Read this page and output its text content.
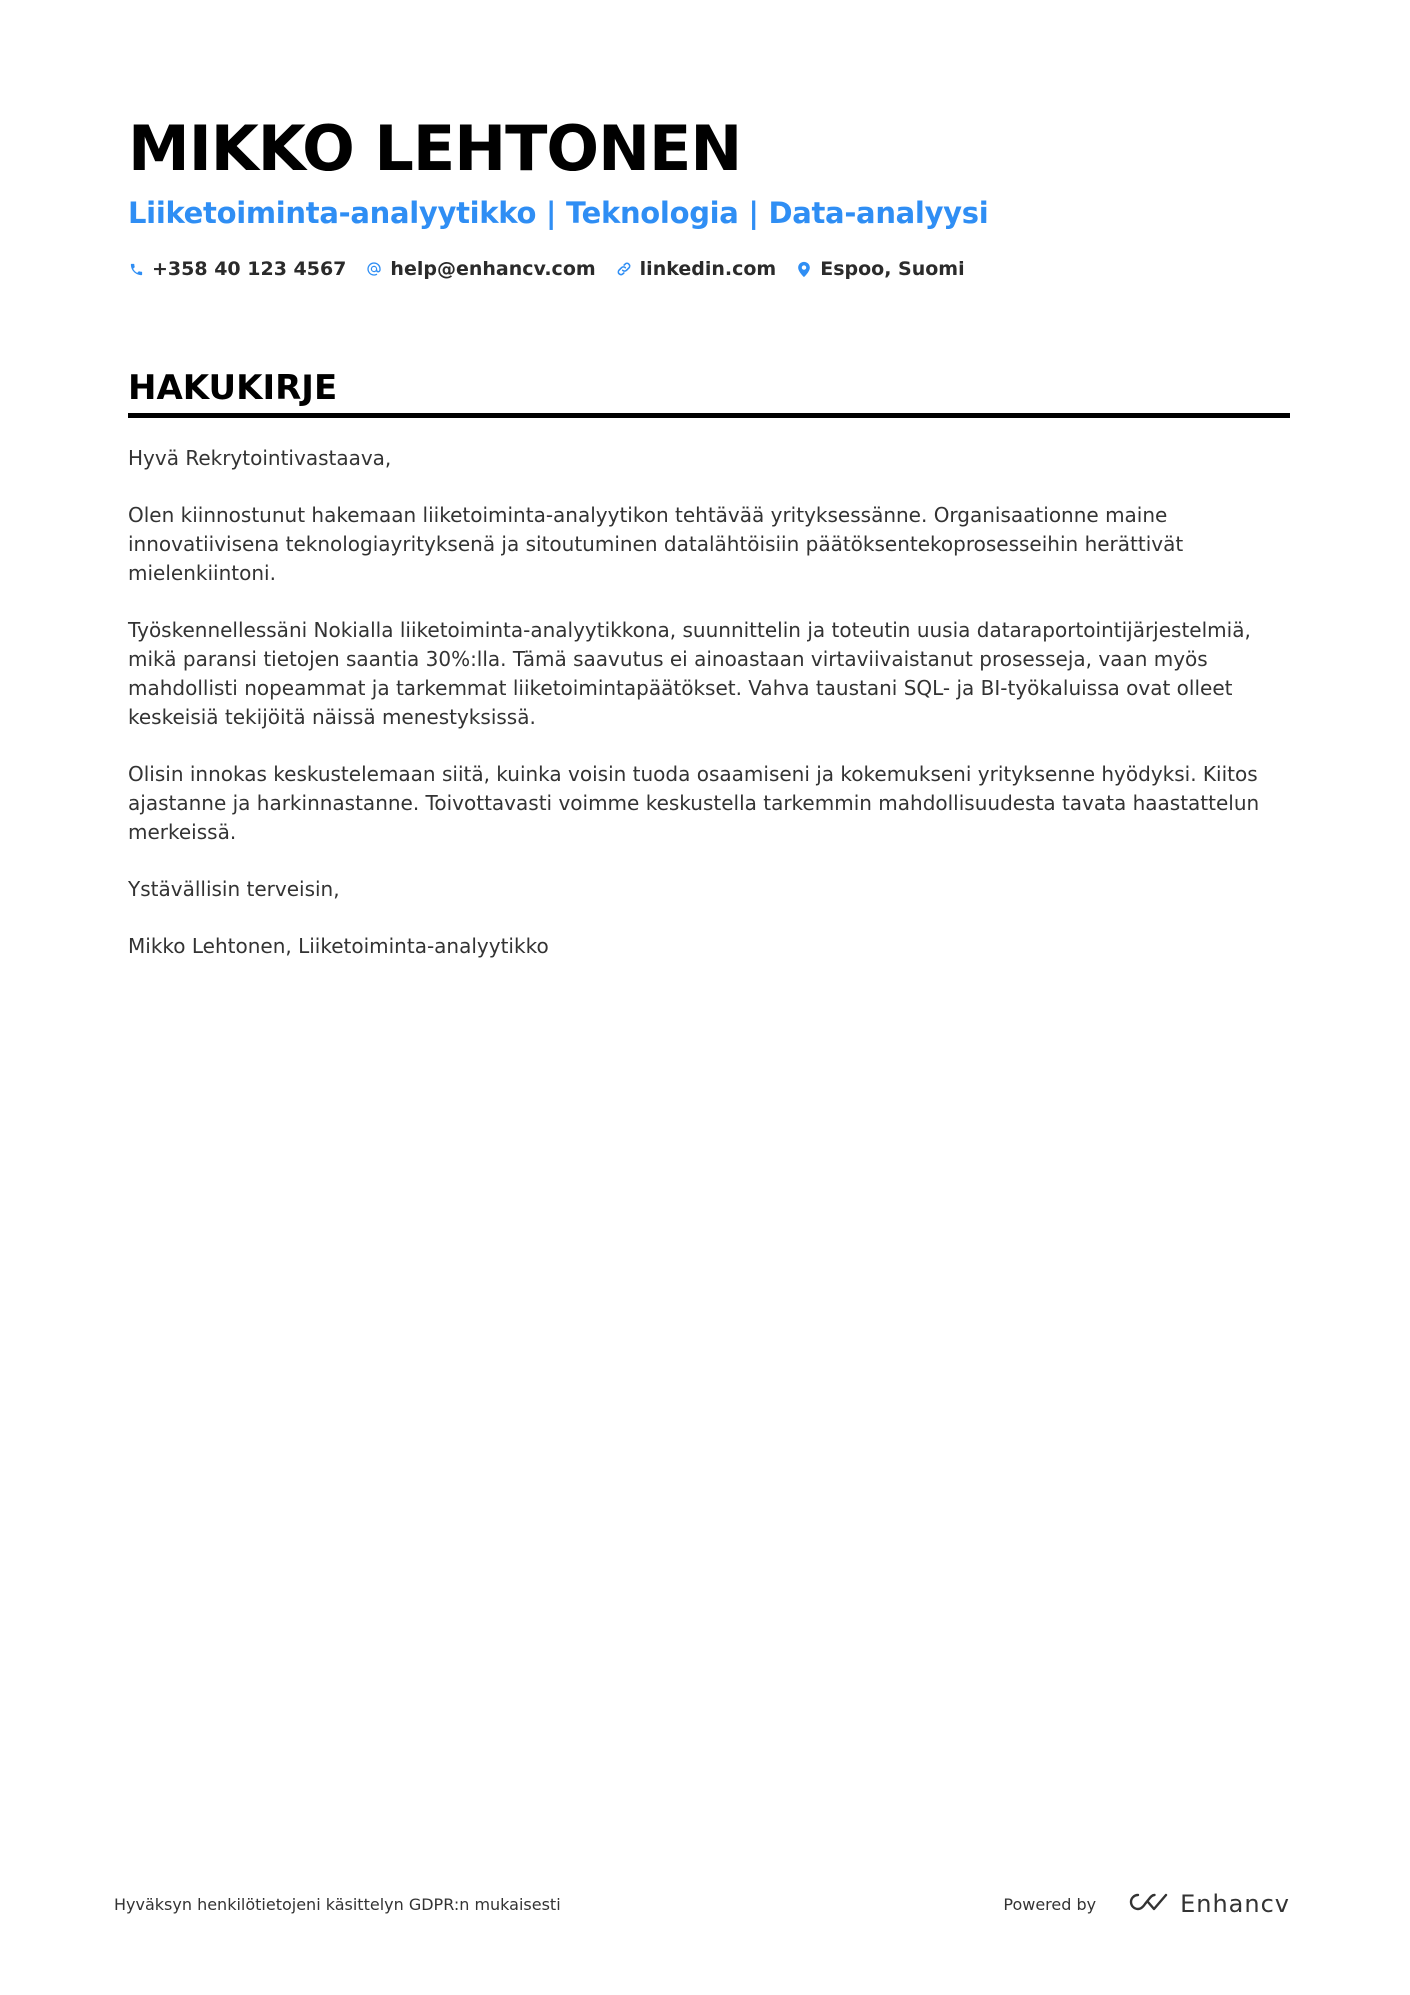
MIKKO LEHTONEN
Liiketoiminta-analyytikko | Teknologia | Data-analyysi
+358 40 123 4567 help@enhancv.com linkedin.com Espoo, Suomi
HAKUKIRJE

Hyvä Rekrytointivastaava,

Olen kiinnostunut hakemaan liiketoiminta-analyytikon tehtävää yrityksessänne. Organisaationne maine innovatiivisena teknologiayrityksenä ja sitoutuminen datalähtöisiin päätöksentekoprosesseihin herättivät mielenkiintoni.

Työskennellessäni Nokialla liiketoiminta-analyytikkona, suunnittelin ja toteutin uusia dataraportointijärjestelmiä, mikä paransi tietojen saantia 30%:lla. Tämä saavutus ei ainoastaan virtaviivaistanut prosesseja, vaan myös mahdollisti nopeammat ja tarkemmat liiketoimintapäätökset. Vahva taustani SQL- ja BI-työkaluissa ovat olleet keskeisiä tekijöitä näissä menestyksissä.

Olisin innokas keskustelemaan siitä, kuinka voisin tuoda osaamiseni ja kokemukseni yrityksenne hyödyksi. Kiitos ajastanne ja harkinnastanne. Toivottavasti voimme keskustella tarkemmin mahdollisuudesta tavata haastattelun merkeissä.

Ystävällisin terveisin,

Mikko Lehtonen, Liiketoiminta-analyytikko

Hyväksyn henkilötietojeni käsittelyn GDPR:n mukaisesti	Powered by	Enhancv
